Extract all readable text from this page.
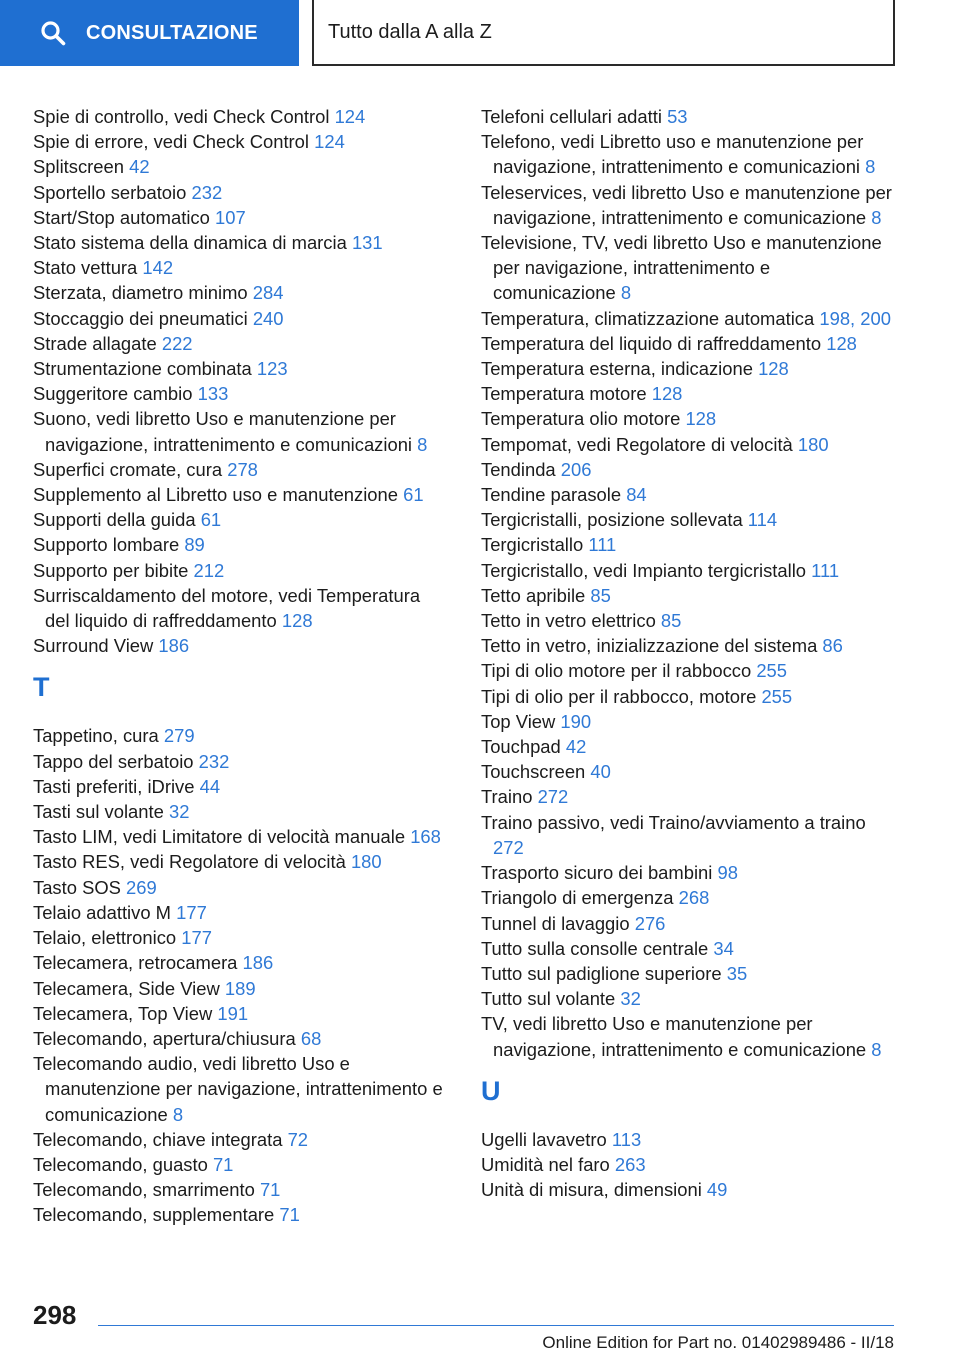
CONSULTAZIONE	Tutto dalla A alla Z
Spie di controllo, vedi Check Control 124
Spie di errore, vedi Check Control 124
Splitscreen 42
Sportello serbatoio 232
Start/Stop automatico 107
Stato sistema della dinamica di marcia 131
Stato vettura 142
Sterzata, diametro minimo 284
Stoccaggio dei pneumatici 240
Strade allagate 222
Strumentazione combinata 123
Suggeritore cambio 133
Suono, vedi libretto Uso e manutenzione per navigazione, intrattenimento e comunicazioni 8
Superfici cromate, cura 278
Supplemento al Libretto uso e manutenzione 61
Supporti della guida 61
Supporto lombare 89
Supporto per bibite 212
Surriscaldamento del motore, vedi Temperatura del liquido di raffreddamento 128
Surround View 186
T
Tappetino, cura 279
Tappo del serbatoio 232
Tasti preferiti, iDrive 44
Tasti sul volante 32
Tasto LIM, vedi Limitatore di velocità manuale 168
Tasto RES, vedi Regolatore di velocità 180
Tasto SOS 269
Telaio adattivo M 177
Telaio, elettronico 177
Telecamera, retrocamera 186
Telecamera, Side View 189
Telecamera, Top View 191
Telecomando, apertura/chiusura 68
Telecomando audio, vedi libretto Uso e manutenzione per navigazione, intrattenimento e comunicazione 8
Telecomando, chiave integrata 72
Telecomando, guasto 71
Telecomando, smarrimento 71
Telecomando, supplementare 71
Telefoni cellulari adatti 53
Telefono, vedi Libretto uso e manutenzione per navigazione, intrattenimento e comunicazioni 8
Teleservices, vedi libretto Uso e manutenzione per navigazione, intrattenimento e comunicazione 8
Televisione, TV, vedi libretto Uso e manutenzione per navigazione, intrattenimento e comunicazione 8
Temperatura, climatizzazione automatica 198, 200
Temperatura del liquido di raffreddamento 128
Temperatura esterna, indicazione 128
Temperatura motore 128
Temperatura olio motore 128
Tempomat, vedi Regolatore di velocità 180
Tendinda 206
Tendine parasole 84
Tergicristalli, posizione sollevata 114
Tergicristallo 111
Tergicristallo, vedi Impianto tergicristallo 111
Tetto apribile 85
Tetto in vetro elettrico 85
Tetto in vetro, inizializzazione del sistema 86
Tipi di olio motore per il rabbocco 255
Tipi di olio per il rabbocco, motore 255
Top View 190
Touchpad 42
Touchscreen 40
Traino 272
Traino passivo, vedi Traino/avviamento a traino 272
Trasporto sicuro dei bambini 98
Triangolo di emergenza 268
Tunnel di lavaggio 276
Tutto sulla consolle centrale 34
Tutto sul padiglione superiore 35
Tutto sul volante 32
TV, vedi libretto Uso e manutenzione per navigazione, intrattenimento e comunicazione 8
U
Ugelli lavavetro 113
Umidità nel faro 263
Unità di misura, dimensioni 49
298
Online Edition for Part no. 01402989486 - II/18
